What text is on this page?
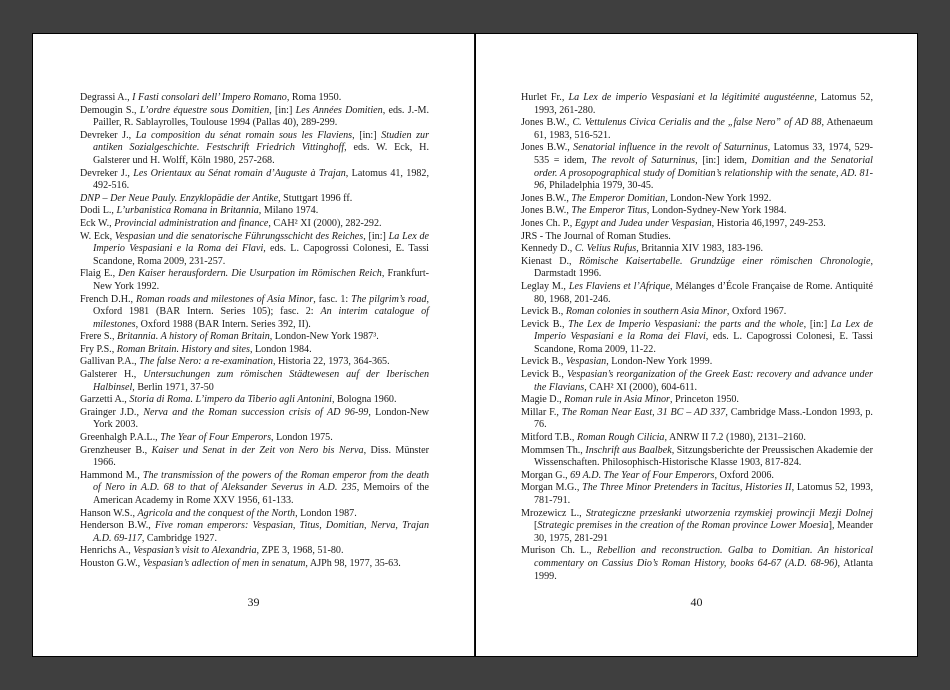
Degrassi A., I Fasti consolari dell’ Impero Romano, Roma 1950.

Demougin S., L’ordre équestre sous Domitien, [in:] Les Années Domitien, eds. J.-M. Pailler, R. Sablayrolles, Toulouse 1994 (Pallas 40), 289-299.

Devreker J., La composition du sénat romain sous les Flaviens, [in:] Studien zur antiken Sozialgeschichte. Festschrift Friedrich Vittinghoff, eds. W. Eck, H. Galsterer und H. Wolff, Köln 1980, 257-268.

Devreker J., Les Orientaux au Sénat romain d’Auguste à Trajan, Latomus 41, 1982, 492-516.

DNP – Der Neue Pauly. Enzyklopädie der Antike, Stuttgart 1996 ff.

Dodi L., L’urbanistica Romana in Britannia, Milano 1974.

Eck W., Provincial administration and finance, CAH² XI (2000), 282-292.

W. Eck, Vespasian und die senatorische Führungsschicht des Reiches, [in:] La Lex de Imperio Vespasiani e la Roma dei Flavi, eds. L. Capogrossi Colonesi, E. Tassi Scandone, Roma 2009, 231-257.

Flaig E., Den Kaiser herausfordern. Die Usurpation im Römischen Reich, Frankfurt-New York 1992.

French D.H., Roman roads and milestones of Asia Minor, fasc. 1: The pilgrim’s road, Oxford 1981 (BAR Intern. Series 105); fasc. 2: An interim catalogue of milestones, Oxford 1988 (BAR Intern. Series 392, II).

Frere S., Britannia. A history of Roman Britain, London-New York 1987³.

Fry P.S., Roman Britain. History and sites, London 1984.

Gallivan P.A., The false Nero: a re-examination, Historia 22, 1973, 364-365.

Galsterer H., Untersuchungen zum römischen Städtewesen auf der Iberischen Halbinsel, Berlin 1971, 37-50

Garzetti A., Storia di Roma. L’impero da Tiberio agli Antonini, Bologna 1960.

Grainger J.D., Nerva and the Roman succession crisis of AD 96-99, London-New York 2003.

Greenhalgh P.A.L., The Year of Four Emperors, London 1975.

Grenzheuser B., Kaiser und Senat in der Zeit von Nero bis Nerva, Diss. Münster 1966.

Hammond M., The transmission of the powers of the Roman emperor from the death of Nero in A.D. 68 to that of Aleksander Severus in A.D. 235, Memoirs of the American Academy in Rome XXV 1956, 61-133.

Hanson W.S., Agricola and the conquest of the North, London 1987.

Henderson B.W., Five roman emperors: Vespasian, Titus, Domitian, Nerva, Trajan A.D. 69-117, Cambridge 1927.

Henrichs A., Vespasian’s visit to Alexandria, ZPE 3, 1968, 51-80.

Houston G.W., Vespasian’s adlection of men in senatum, AJPh 98, 1977, 35-63.

39

Hurlet Fr., La Lex de imperio Vespasiani et la légitimité augustéenne, Latomus 52, 1993, 261-280.

Jones B.W., C. Vettulenus Civica Cerialis and the „false Nero” of AD 88, Athenaeum 61, 1983, 516-521.

Jones B.W., Senatorial influence in the revolt of Saturninus, Latomus 33, 1974, 529-535 = idem, The revolt of Saturninus, [in:] idem, Domitian and the Senatorial order. A prosopographical study of Domitian’s relationship with the senate, AD. 81-96, Philadelphia 1979, 30-45.

Jones B.W., The Emperor Domitian, London-New York 1992.

Jones B.W., The Emperor Titus, London-Sydney-New York 1984.

Jones Ch. P., Egypt and Judea under Vespasian, Historia 46,1997, 249-253.

JRS - The Journal of Roman Studies.

Kennedy D., C. Velius Rufus, Britannia XIV 1983, 183-196.

Kienast D., Römische Kaisertabelle. Grundzüge einer römischen Chronologie, Darmstadt 1996.

Leglay M., Les Flaviens et l’Afrique, Mélanges d’École Française de Rome. Antiquité 80, 1968, 201-246.

Levick B., Roman colonies in southern Asia Minor, Oxford 1967.

Levick B., The Lex de Imperio Vespasiani: the parts and the whole, [in:] La Lex de Imperio Vespasiani e la Roma dei Flavi, eds. L. Capogrossi Colonesi, E. Tassi Scandone, Roma 2009, 11-22.

Levick B., Vespasian, London-New York 1999.

Levick B., Vespasian’s reorganization of the Greek East: recovery and advance under the Flavians, CAH² XI (2000), 604-611.

Magie D., Roman rule in Asia Minor, Princeton 1950.

Millar F., The Roman Near East, 31 BC – AD 337, Cambridge Mass.-London 1993, p. 76.

Mitford T.B., Roman Rough Cilicia, ANRW II 7.2 (1980), 2131–2160.

Mommsen Th., Inschrift aus Baalbek, Sitzungsberichte der Preussischen Akademie der Wissenschaften. Philosophisch-Historische Klasse 1903, 817-824.

Morgan G., 69 A.D. The Year of Four Emperors, Oxford 2006.

Morgan M.G., The Three Minor Pretenders in Tacitus, Histories II, Latomus 52, 1993, 781-791.

Mrozewicz L., Strategiczne przesłanki utworzenia rzymskiej prowincji Mezji Dolnej [Strategic premises in the creation of the Roman province Lower Moesia], Meander 30, 1975, 281-291

Murison Ch. L., Rebellion and reconstruction. Galba to Domitian. An historical commentary on Cassius Dio’s Roman History, books 64-67 (A.D. 68-96), Atlanta 1999.

40
